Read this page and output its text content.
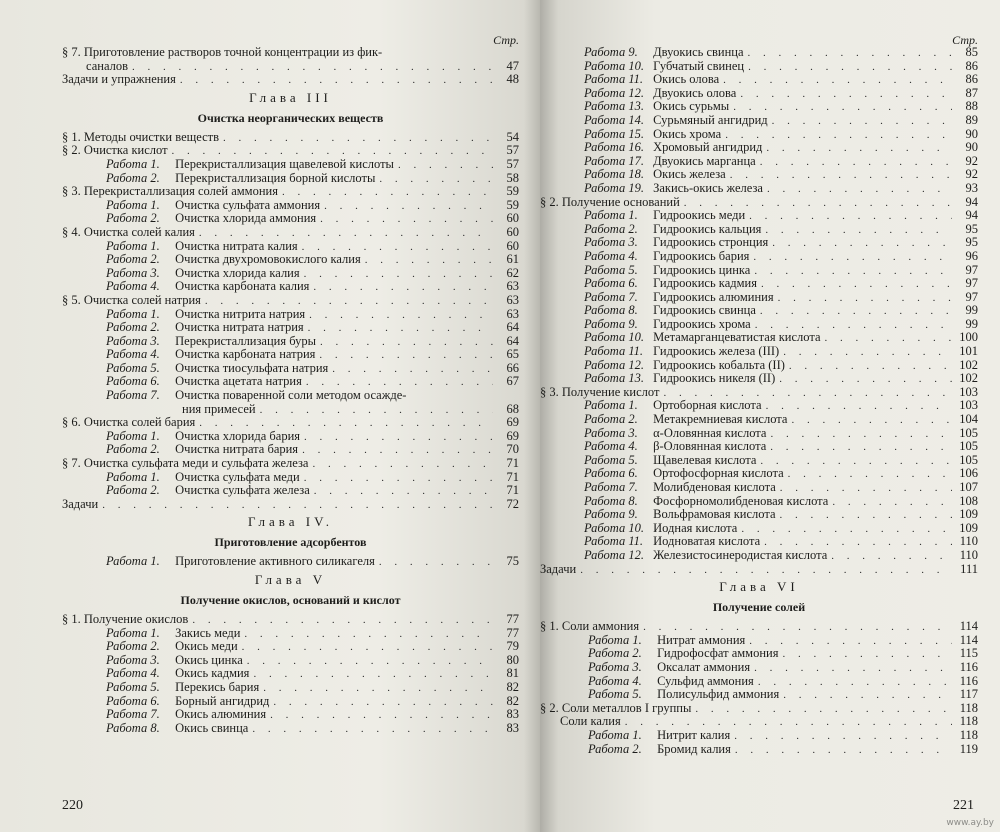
Стр.
§ 7. Приготовление растворов точной концентрации из фик-
саналов . . .	47
Задачи и упражнения . . .	48
Глава III
Очистка неорганических веществ
§ 1. Методы очистки веществ . . .	54
§ 2. Очистка кислот . . .	57
Работа 1. Перекристаллизация щавелевой кислоты . . .	57
Работа 2. Перекристаллизация борной кислоты . . .	58
§ 3. Перекристаллизация солей аммония . . .	59
Работа 1. Очистка сульфата аммония . . .	59
Работа 2. Очистка хлорида аммония . . .	60
§ 4. Очистка солей калия . . .	60
Работа 1. Очистка нитрата калия . . .	60
Работа 2. Очистка двухромовокислого калия . . .	61
Работа 3. Очистка хлорида калия . . .	62
Работа 4. Очистка карбоната калия . . .	63
§ 5. Очистка солей натрия . . .	63
Работа 1. Очистка нитрита натрия . . .	63
Работа 2. Очистка нитрата натрия . . .	64
Работа 3. Перекристаллизация буры . . .	64
Работа 4. Очистка карбоната натрия . . .	65
Работа 5. Очистка тиосульфата натрия . . .	66
Работа 6. Очистка ацетата натрия . . .	67
Работа 7. Очистка поваренной соли методом осажде-
ния примесей . . .	68
§ 6. Очистка солей бария . . .	69
Работа 1. Очистка хлорида бария . . .	69
Работа 2. Очистка нитрата бария . . .	70
§ 7. Очистка сульфата меди и сульфата железа . . .	71
Работа 1. Очистка сульфата меди . . .	71
Работа 2. Очистка сульфата железа . . .	71
Задачи . . .	72
Глава IV.
Приготовление адсорбентов
Работа 1. Приготовление активного силикагеля . . .	75
Глава V
Получение окислов, оснований и кислот
§ 1. Получение окислов . . .	77
Работа 1. Закись меди . . .	77
Работа 2. Окись меди . . .	79
Работа 3. Окись цинка . . .	80
Работа 4. Окись кадмия . . .	81
Работа 5. Перекись бария . . .	82
Работа 6. Борный ангидрид . . .	82
Работа 7. Окись алюминия . . .	83
Работа 8. Окись свинца . . .	83
220
Стр.
Работа 9. Двуокись свинца . . .	85
Работа 10. Губчатый свинец . . .	86
Работа 11. Окись олова . . .	86
Работа 12. Двуокись олова . . .	87
Работа 13. Окись сурьмы . . .	88
Работа 14. Сурьмяный ангидрид . . .	89
Работа 15. Окись хрома . . .	90
Работа 16. Хромовый ангидрид . . .	90
Работа 17. Двуокись марганца . . .	92
Работа 18. Окись железа . . .	92
Работа 19. Закись-окись железа . . .	93
§ 2. Получение оснований . . .	94
Работа 1. Гидроокись меди . . .	94
Работа 2. Гидроокись кальция . . .	95
Работа 3. Гидроокись стронция . . .	95
Работа 4. Гидроокись бария . . .	96
Работа 5. Гидроокись цинка . . .	97
Работа 6. Гидроокись кадмия . . .	97
Работа 7. Гидроокись алюминия . . .	97
Работа 8. Гидроокись свинца . . .	99
Работа 9. Гидроокись хрома . . .	99
Работа 10. Метамарганцеватистая кислота . . .	100
Работа 11. Гидроокись железа (III) . . .	101
Работа 12. Гидроокись кобальта (II) . . .	102
Работа 13. Гидроокись никеля (II) . . .	102
§ 3. Получение кислот . . .	103
Работа 1. Ортоборная кислота . . .	103
Работа 2. Метакремниевая кислота . . .	104
Работа 3. α-Оловянная кислота . . .	105
Работа 4. β-Оловянная кислота . . .	105
Работа 5. Щавелевая кислота . . .	105
Работа 6. Ортофосфорная кислота . . .	106
Работа 7. Молибденовая кислота . . .	107
Работа 8. Фосфорномолибденовая кислота . . .	108
Работа 9. Вольфрамовая кислота . . .	109
Работа 10. Иодная кислота . . .	109
Работа 11. Иодноватая кислота . . .	110
Работа 12. Железистосинеродистая кислота . . .	110
Задачи . . .	111
Глава VI
Получение солей
§ 1. Соли аммония . . .	114
Работа 1. Нитрат аммония . . .	114
Работа 2. Гидрофосфат аммония . . .	115
Работа 3. Оксалат аммония . . .	116
Работа 4. Сульфид аммония . . .	116
Работа 5. Полисульфид аммония . . .	117
§ 2. Соли металлов I группы . . .	118
Соли калия . . .	118
Работа 1. Нитрит калия . . .	118
Работа 2. Бромид калия . . .	119
221
www.ay.by
